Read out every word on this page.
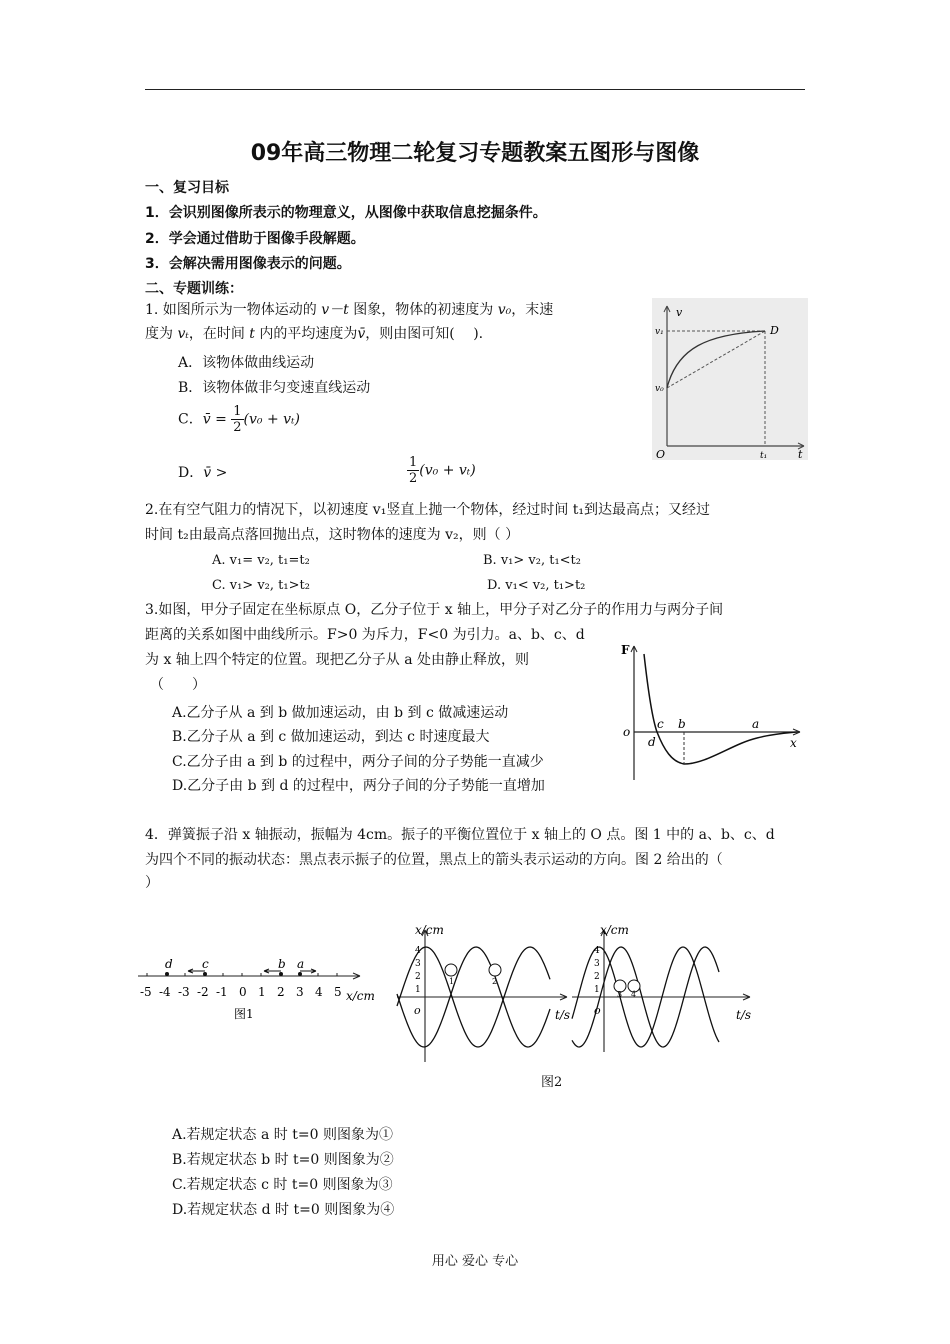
09年高三物理二轮复习专题教案五图形与图像
一、复习目标
1．会识别图像所表示的物理意义，从图像中获取信息挖掘条件。
2．学会通过借助于图像手段解题。
3．会解决需用图像表示的问题。
二、专题训练：
1. 如图所示为一物体运动的 v－t 图象，物体的初速度为 v₀，末速
度为 vₜ，在时间 t 内的平均速度为v̄，则由图可知(　 ).
A．该物体做曲线运动
B．该物体做非匀变速直线运动
C．v̄ = $\frac{1}{2} (v_0 + v_t)$
D．v̄ >	$\frac{1}{2} (v_0 + v_t)$
v
t
O
v₁
v₀
t₁
D
2.在有空气阻力的情况下，以初速度 v₁竖直上抛一个物体，经过时间 t₁到达最高点；又经过
时间 t₂由最高点落回抛出点，这时物体的速度为 v₂，则（ ）
A. v₁= v₂, t₁=t₂	B. v₁> v₂, t₁<t₂
C. v₁> v₂, t₁>t₂	D. v₁< v₂, t₁>t₂
3.如图，甲分子固定在坐标原点 O，乙分子位于 x 轴上，甲分子对乙分子的作用力与两分子间
距离的关系如图中曲线所示。F>0 为斥力，F<0 为引力。a、b、c、d
为 x 轴上四个特定的位置。现把乙分子从 a 处由静止释放，则
（　　）
A.乙分子从 a 到 b 做加速运动，由 b 到 c 做减速运动
B.乙分子从 a 到 c 做加速运动，到达 c 时速度最大
C.乙分子由 a 到 b 的过程中，两分子间的分子势能一直减少
D.乙分子由 b 到 d 的过程中，两分子间的分子势能一直增加
F
o
x
c b	a
d
4．弹簧振子沿 x 轴振动，振幅为 4cm。振子的平衡位置位于 x 轴上的 O 点。图 1 中的 a、b、c、d
为四个不同的振动状态：黑点表示振子的位置，黑点上的箭头表示运动的方向。图 2 给出的（
）
-5 -4 -3 -2 -1 0 1 2 3 4 5 x/cm
图1
d c	b a
1	2
x/cm
t/s
o
4
3
2
1	3 4
x/cm
t/s
o
4
3
2
1
图2
A.若规定状态 a 时 t=0 则图象为①
B.若规定状态 b 时 t=0 则图象为②
C.若规定状态 c 时 t=0 则图象为③
D.若规定状态 d 时 t=0 则图象为④
用心 爱心 专心
